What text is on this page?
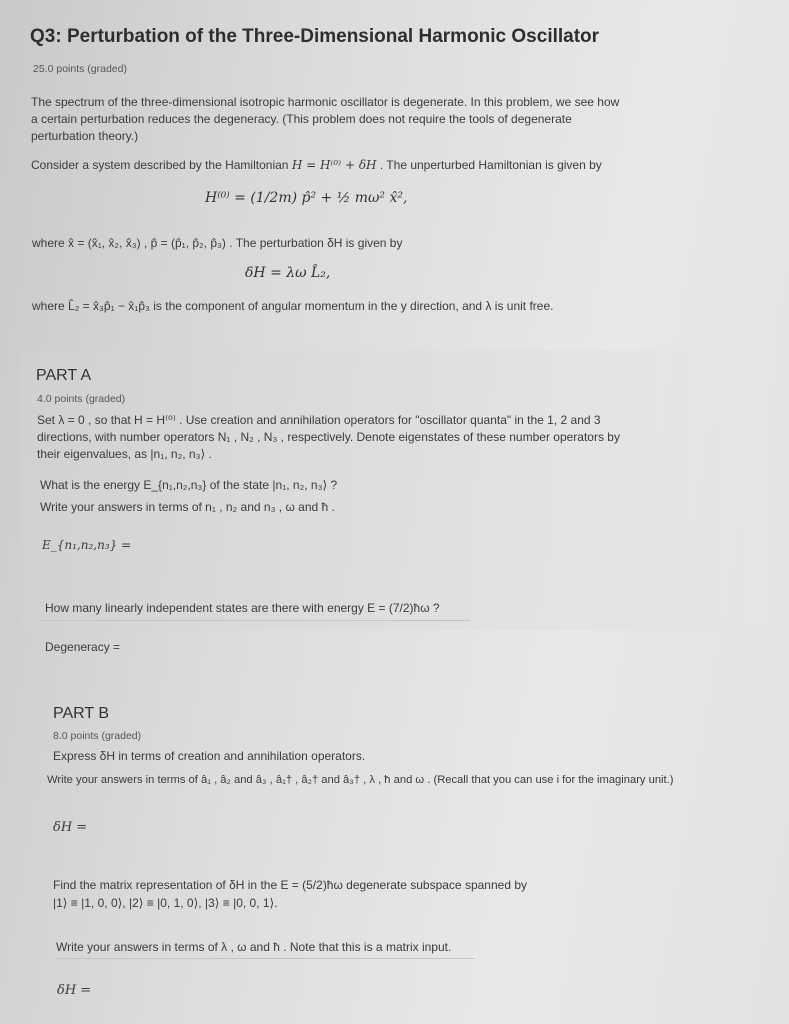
Q3: Perturbation of the Three-Dimensional Harmonic Oscillator
25.0 points (graded)
The spectrum of the three-dimensional isotropic harmonic oscillator is degenerate. In this problem, we see how
a certain perturbation reduces the degeneracy. (This problem does not require the tools of degenerate
perturbation theory.)
Consider a system described by the Hamiltonian H = H⁽⁰⁾ + δH . The unperturbed Hamiltonian is given by
H⁽⁰⁾ = (1/2m) p̂² + ½ mω² x̂²,
where x̂ = (x̂₁, x̂₂, x̂₃) , p̂ = (p̂₁, p̂₂, p̂₃) . The perturbation δH is given by
δH = λω L̂₂,
where L̂₂ = x̂₃p̂₁ − x̂₁p̂₃ is the component of angular momentum in the y direction, and λ is unit free.
PART A
4.0 points (graded)
Set λ = 0 , so that H = H⁽⁰⁾ . Use creation and annihilation operators for "oscillator quanta" in the 1, 2 and 3
directions, with number operators N₁ , N₂ , N₃ , respectively. Denote eigenstates of these number operators by
their eigenvalues, as |n₁, n₂, n₃⟩ .
What is the energy E_{n₁,n₂,n₃} of the state |n₁, n₂, n₃⟩ ?
Write your answers in terms of n₁ , n₂ and n₃ , ω and ħ .
E_{n₁,n₂,n₃} =
How many linearly independent states are there with energy E = (7/2)ħω ?
Degeneracy =
PART B
8.0 points (graded)
Express δH in terms of creation and annihilation operators.
Write your answers in terms of â₁ , â₂ and â₃ , â₁† , â₂† and â₃† , λ , ħ and ω . (Recall that you can use i for the imaginary unit.)
δH =
Find the matrix representation of δH in the E = (5/2)ħω degenerate subspace spanned by
|1⟩ ≡ |1, 0, 0⟩, |2⟩ ≡ |0, 1, 0⟩, |3⟩ ≡ |0, 0, 1⟩.
Write your answers in terms of λ , ω and ħ . Note that this is a matrix input.
δH =
